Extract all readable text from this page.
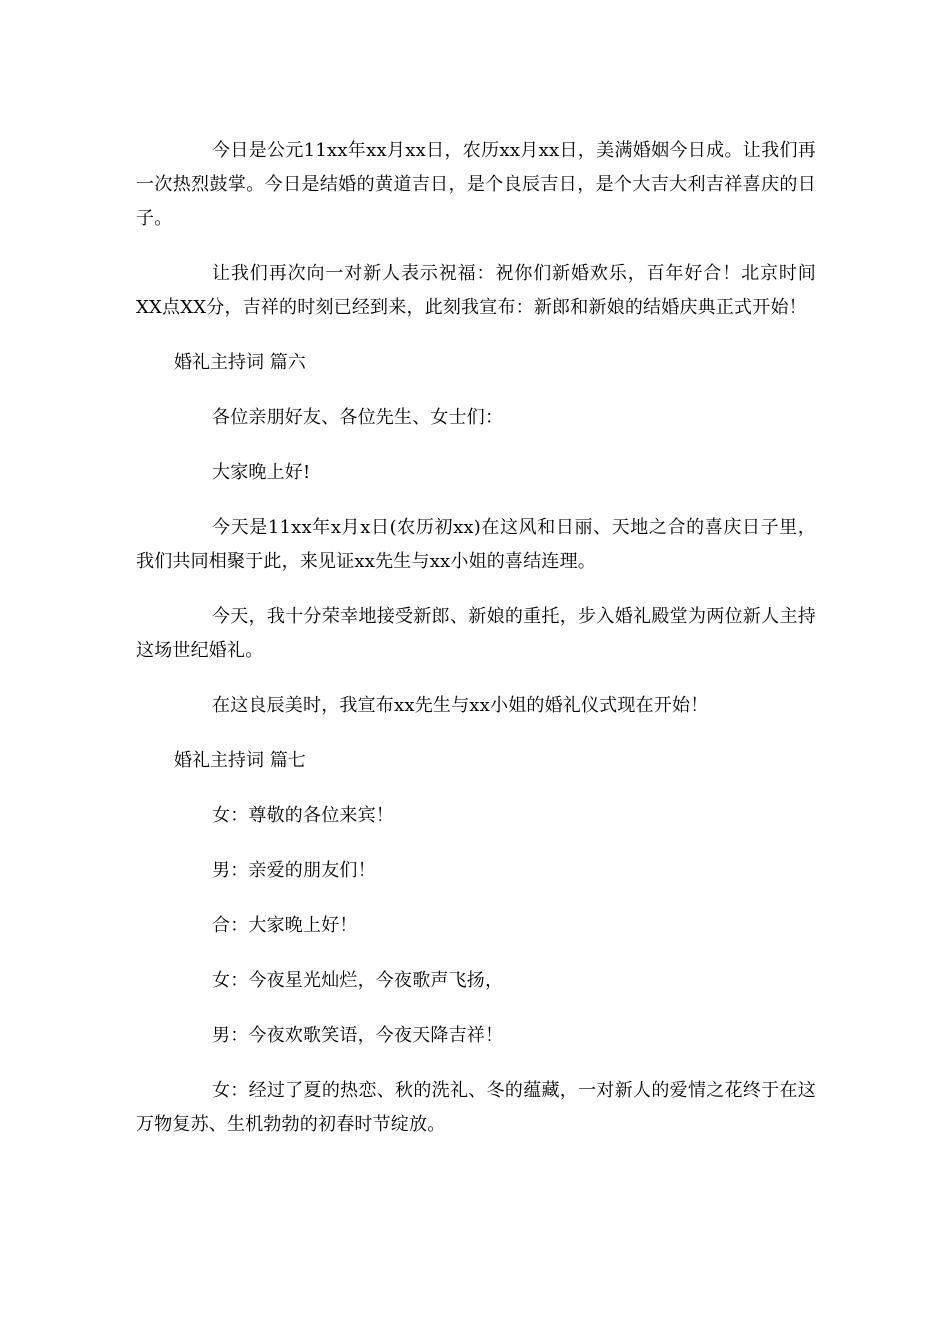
今日是公元11xx年xx月xx日，农历xx月xx日，美满婚姻今日成。让我们再一次热烈鼓掌。今日是结婚的黄道吉日，是个良辰吉日，是个大吉大利吉祥喜庆的日子。

让我们再次向一对新人表示祝福：祝你们新婚欢乐，百年好合！北京时间XX点XX分，吉祥的时刻已经到来，此刻我宣布：新郎和新娘的结婚庆典正式开始！

婚礼主持词 篇六

各位亲朋好友、各位先生、女士们：

大家晚上好!

今天是11xx年x月x日(农历初xx)在这风和日丽、天地之合的喜庆日子里，我们共同相聚于此，来见证xx先生与xx小姐的喜结连理。

今天，我十分荣幸地接受新郎、新娘的重托，步入婚礼殿堂为两位新人主持这场世纪婚礼。

在这良辰美时，我宣布xx先生与xx小姐的婚礼仪式现在开始！

婚礼主持词 篇七

女：尊敬的各位来宾！

男：亲爱的朋友们！

合：大家晚上好！

女：今夜星光灿烂，今夜歌声飞扬，

男：今夜欢歌笑语，今夜天降吉祥！

女：经过了夏的热恋、秋的洗礼、冬的蕴藏，一对新人的爱情之花终于在这万物复苏、生机勃勃的初春时节绽放。
